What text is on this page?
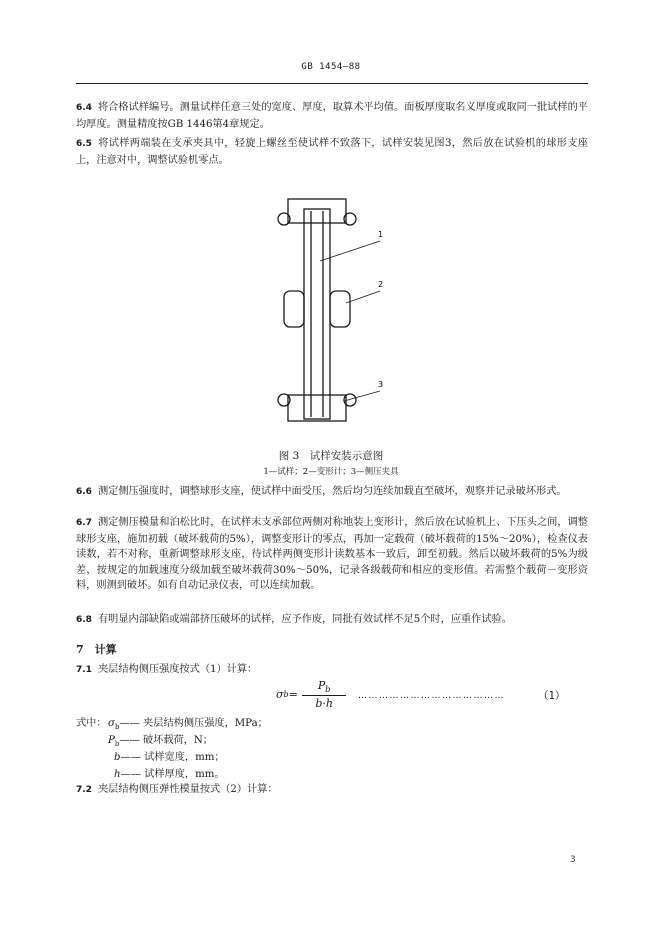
GB 1454—88
6.4 将合格试样编号。测量试样任意三处的宽度、厚度，取算术平均值。面板厚度取名义厚度或取同一批试样的平均厚度。测量精度按GB 1446第4章规定。
6.5 将试样两端装在支承夹具中，轻旋上螺丝至使试样不致落下，试样安装见图3，然后放在试验机的球形支座上，注意对中，调整试验机零点。
1
2
3
图 3　试样安装示意图
1—试样；2—变形计；3—侧压夹具
6.6 测定侧压强度时，调整球形支座，使试样中面受压，然后均匀连续加载直至破坏，观察并记录破坏形式。
6.7 测定侧压模量和泊松比时，在试样末支承部位两侧对称地装上变形计，然后放在试验机上、下压头之间，调整球形支座，施加初载（破坏载荷的5%），调整变形计的零点，再加一定载荷（破坏载荷的15%～20%），检查仪表读数，若不对称，重新调整球形支座，待试样两侧变形计读数基本一致后，卸至初载。然后以破坏载荷的5%为级差，按规定的加载速度分级加载至破坏载荷30%～50%，记录各级载荷和相应的变形值。若需整个载荷－变形资料，则测到破坏。如有自动记录仪表，可以连续加载。
6.8 有明显内部缺陷或端部挤压破坏的试样，应予作废，同批有效试样不足5个时，应重作试验。
7　 计算
7.1 夹层结构侧压强度按式（1）计算：
σ $b = \frac{P_b}{b\cdot h}$ ……………………………………	（1）
式中： $\sigma_b——$ 夹层结构侧压强度，MPa；
$P_b——$ 破坏载荷，N；
b—— 试样宽度，mm；
h—— 试样厚度，mm。
7.2 夹层结构侧压弹性模量按式（2）计算：
3
